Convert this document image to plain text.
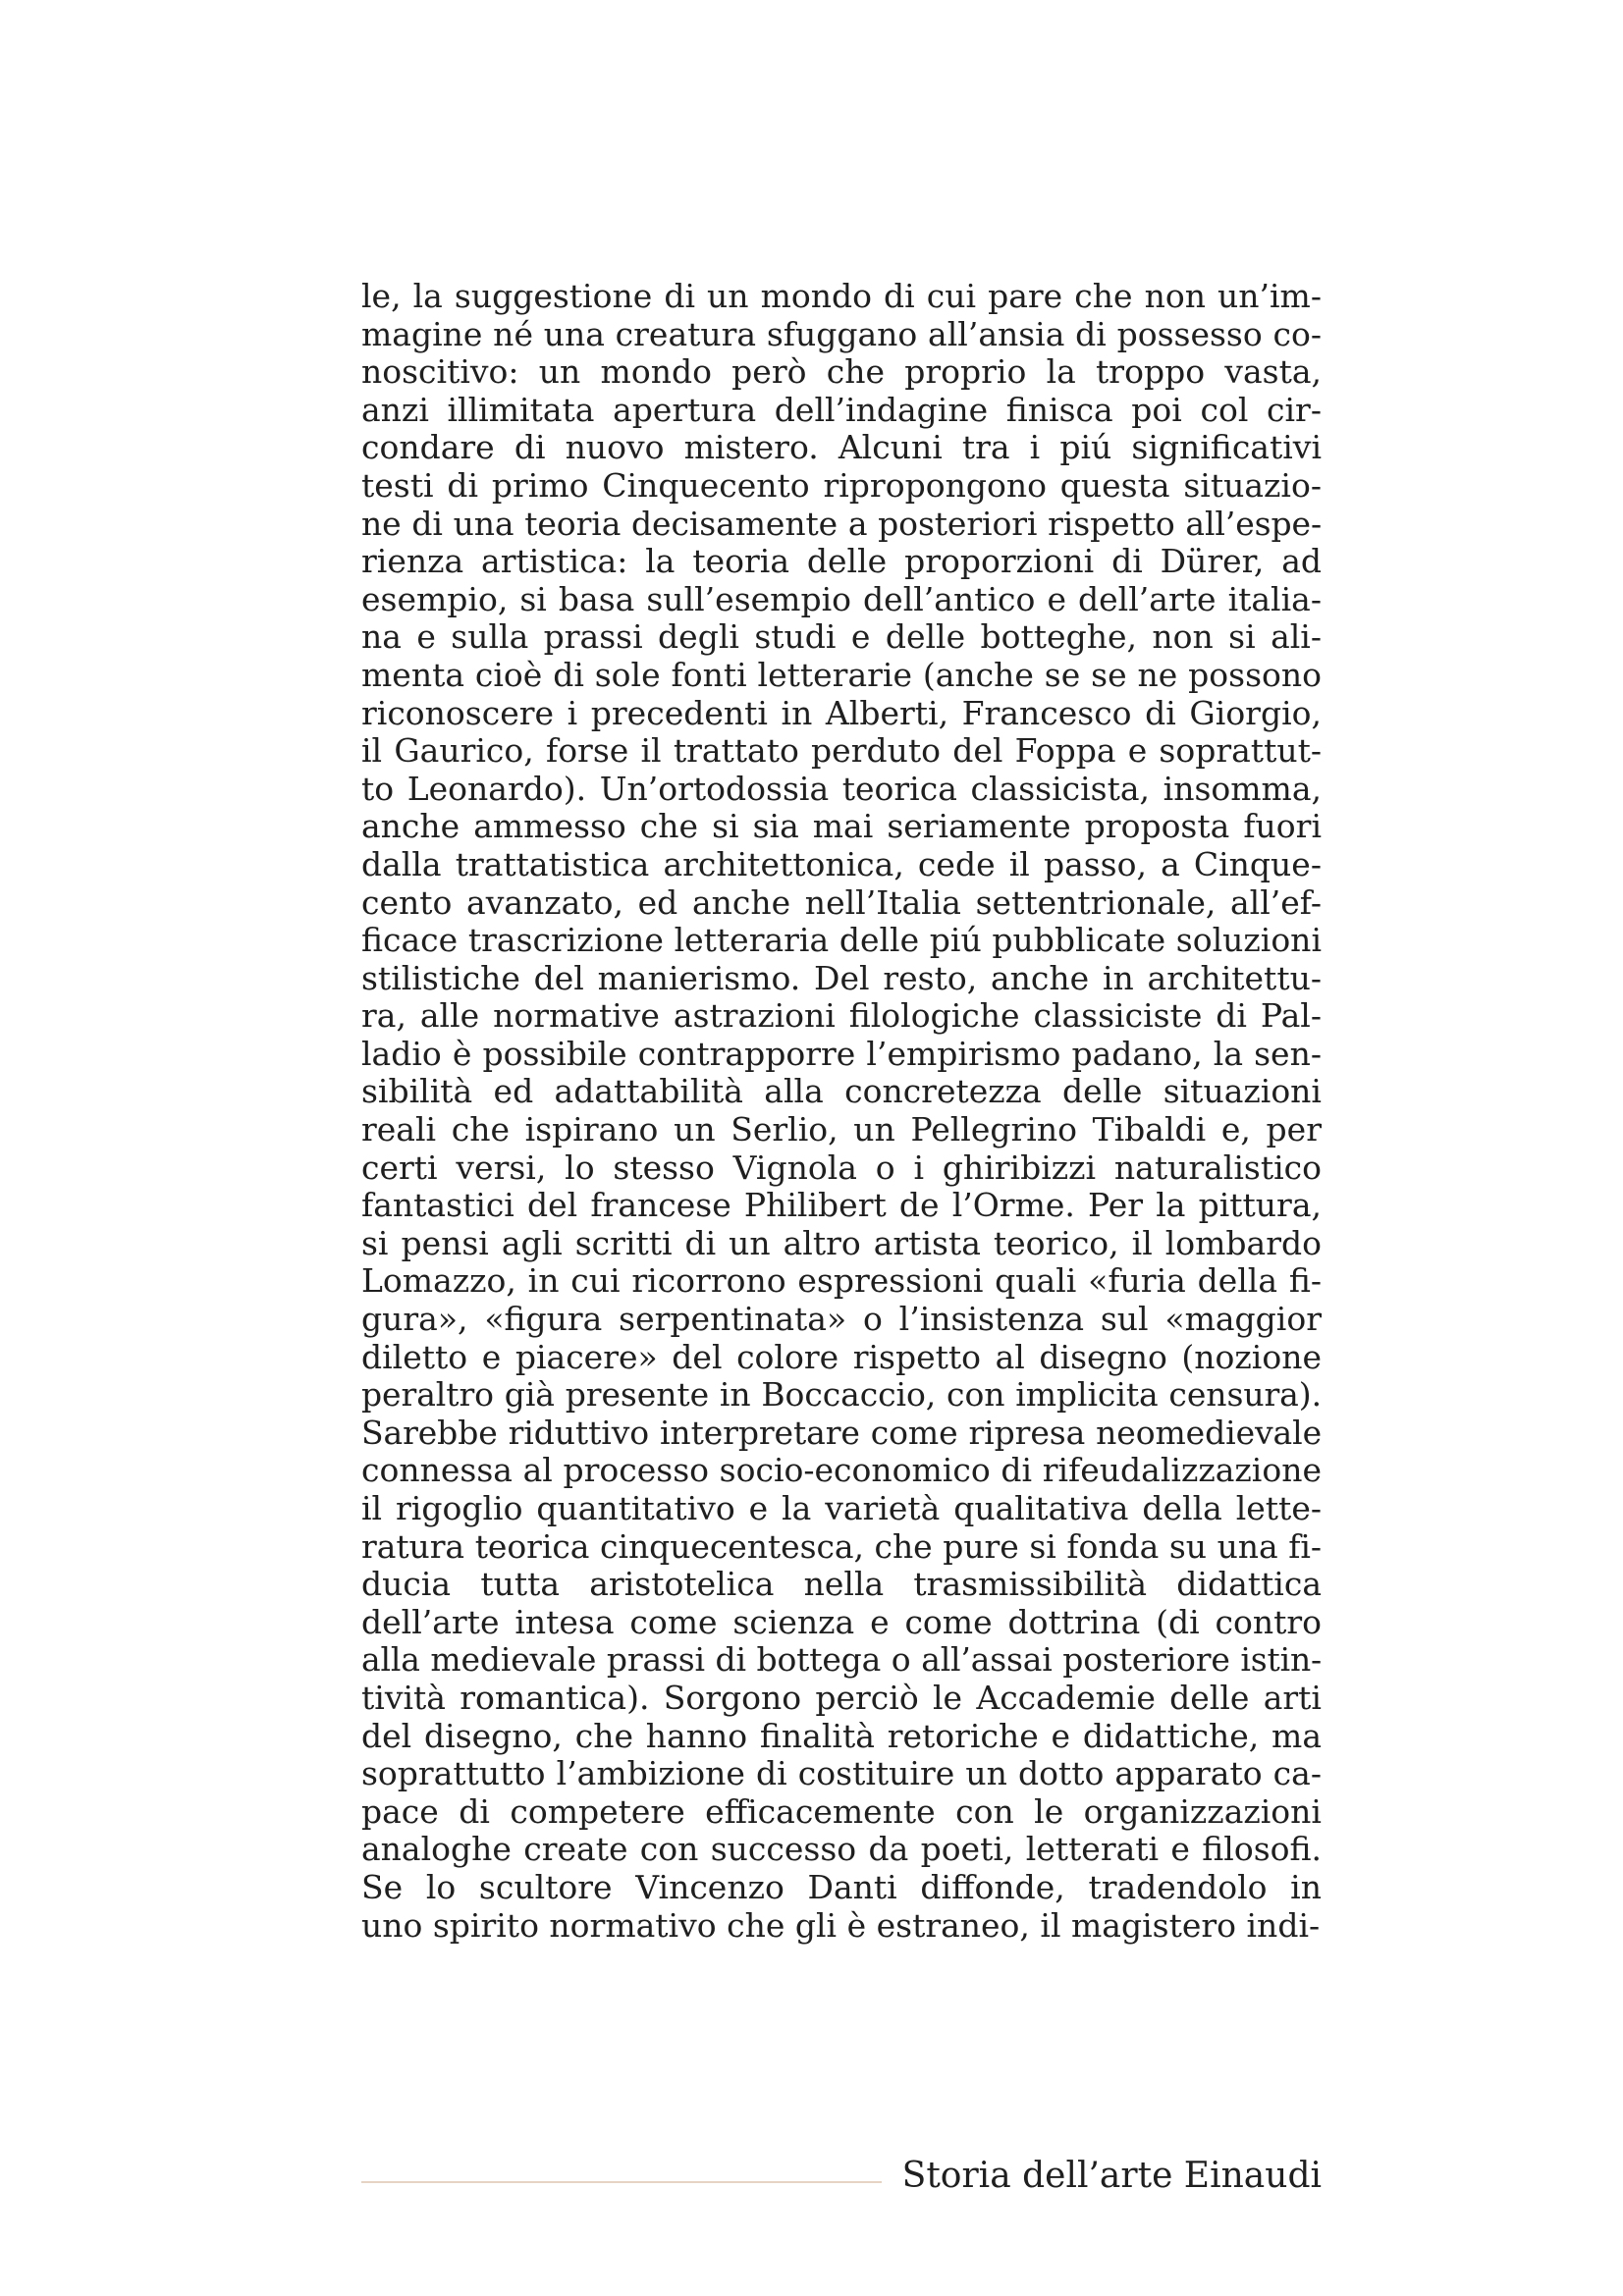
le, la suggestione di un mondo di cui pare che non un’im-
magine né una creatura sfuggano all’ansia di possesso co-
noscitivo: un mondo però che proprio la troppo vasta,
anzi illimitata apertura dell’indagine finisca poi col cir-
condare di nuovo mistero. Alcuni tra i piú significativi
testi di primo Cinquecento ripropongono questa situazio-
ne di una teoria decisamente a posteriori rispetto all’espe-
rienza artistica: la teoria delle proporzioni di Dürer, ad
esempio, si basa sull’esempio dell’antico e dell’arte italia-
na e sulla prassi degli studi e delle botteghe, non si ali-
menta cioè di sole fonti letterarie (anche se se ne possono
riconoscere i precedenti in Alberti, Francesco di Giorgio,
il Gaurico, forse il trattato perduto del Foppa e soprattut-
to Leonardo). Un’ortodossia teorica classicista, insomma,
anche ammesso che si sia mai seriamente proposta fuori
dalla trattatistica architettonica, cede il passo, a Cinque-
cento avanzato, ed anche nell’Italia settentrionale, all’ef-
ficace trascrizione letteraria delle piú pubblicate soluzioni
stilistiche del manierismo. Del resto, anche in architettu-
ra, alle normative astrazioni filologiche classiciste di Pal-
ladio è possibile contrapporre l’empirismo padano, la sen-
sibilità ed adattabilità alla concretezza delle situazioni
reali che ispirano un Serlio, un Pellegrino Tibaldi e, per
certi versi, lo stesso Vignola o i ghiribizzi naturalistico
fantastici del francese Philibert de l’Orme. Per la pittura,
si pensi agli scritti di un altro artista teorico, il lombardo
Lomazzo, in cui ricorrono espressioni quali «furia della fi-
gura», «figura serpentinata» o l’insistenza sul «maggior
diletto e piacere» del colore rispetto al disegno (nozione
peraltro già presente in Boccaccio, con implicita censura).
Sarebbe riduttivo interpretare come ripresa neomedievale
connessa al processo socio-economico di rifeudalizzazione
il rigoglio quantitativo e la varietà qualitativa della lette-
ratura teorica cinquecentesca, che pure si fonda su una fi-
ducia tutta aristotelica nella trasmissibilità didattica
dell’arte intesa come scienza e come dottrina (di contro
alla medievale prassi di bottega o all’assai posteriore istin-
tività romantica). Sorgono perciò le Accademie delle arti
del disegno, che hanno finalità retoriche e didattiche, ma
soprattutto l’ambizione di costituire un dotto apparato ca-
pace di competere efficacemente con le organizzazioni
analoghe create con successo da poeti, letterati e filosofi.
Se lo scultore Vincenzo Danti diffonde, tradendolo in
uno spirito normativo che gli è estraneo, il magistero indi-
Storia dell’arte Einaudi
